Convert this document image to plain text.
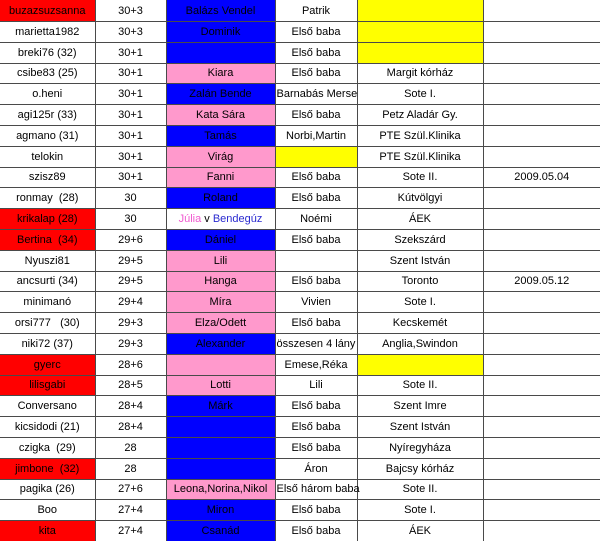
buzazsuzsanna	30+3	Balázs Vendel	Patrik		
marietta1982	30+3	Dominik	Első baba		
breki76 (32)	30+1		Első baba		
csibe83 (25)	30+1	Kiara	Első baba	Margit kórház	
o.heni	30+1	Zalán Bende	Barnabás Merse	Sote I.	
agi125r (33)	30+1	Kata Sára	Első baba	Petz Aladár Gy.	
agmano (31)	30+1	Tamás	Norbi,Martin	PTE Szül.Klinika	
telokin	30+1	Virág		PTE Szül.Klinika	
szisz89	30+1	Fanni	Első baba	Sote II.	2009.05.04
ronmay  (28)	30	Roland	Első baba	Kútvölgyi	
krikalap (28)	30	Júlia v Bendegúz	Noémi	ÁEK	
Bertina  (34)	29+6	Dániel	Első baba	Szekszárd	
Nyuszi81	29+5	Lili		Szent István	
ancsurti (34)	29+5	Hanga	Első baba	Toronto	2009.05.12
minimanó	29+4	Míra	Vivien	Sote I.	
orsi777   (30)	29+3	Elza/Odett	Első baba	Kecskemét	
niki72 (37)	29+3	Alexander	összesen 4 lány	Anglia,Swindon	
gyerc	28+6		Emese,Réka		
lilisgabi	28+5	Lotti	Lili	Sote II.	
Conversano	28+4	Márk	Első baba	Szent Imre	
kicsidodi (21)	28+4		Első baba	Szent István	
czigka  (29)	28		Első baba	Nyíregyháza	
jimbone  (32)	28		Áron	Bajcsy kórház	
pagika (26)	27+6	Leona,Norina,Nikol	Első három baba	Sote II.	
Boo	27+4	Miron	Első baba	Sote I.	
kita	27+4	Csanád	Első baba	ÁEK	
